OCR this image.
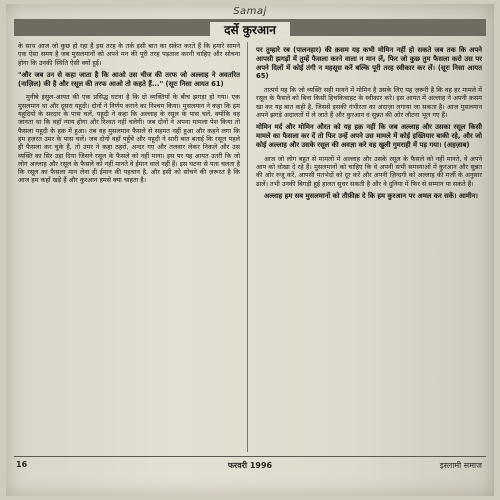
Samaj
दर्से कुरआन

के साथ आज जो कुछ हो रहा है इस तरह के तर्क इसी बात का संकेत करते हैं कि हमारे सामने एक ऐसा समय है जब मुसलमानों को अपने मन की पूरी तरह पड़ताल करनी चाहिए और सोचना होगा कि उनकी स्थिति ऐसी क्यों हुई।

"और जब उन से कहा जाता है कि आओ उस चीज की तरफ जो अल्लाह ने अवतरित (नाज़िल) की है और रसूल की तरफ आओ तो कहते हैं..." (सूरः निसा आयत 61)

मुनीबे इंसुल-आयत की एक प्रसिद्ध घटना है कि दो व्यक्तियों के बीच झगड़ा हो गया। एक मुसलमान था और दूसरा यहूदी। दोनों ने निर्णय कराने का निश्चय किया। मुसलमान ने कहा कि हम यहूदियों के सरदार के पास चलें, यहूदी ने कहा कि अल्लाह के रसूल के पास चलें, क्योंकि वह जानता था कि वहाँ न्याय होगा और रिश्वत नहीं चलेगी। जब दोनों ने अपना मामला पेश किया तो फैसला यहूदी के हक़ में हुआ। तब वह मुसलमान फैसले से सहमत नहीं हुआ और कहने लगा कि हम हज़रत उमर के पास चलें। जब दोनों वहाँ पहुँचे और यहूदी ने सारी बात बताई कि रसूल पहले ही फैसला कर चुके हैं, तो उमर ने कहा ठहरो, अन्दर गए और तलवार लेकर निकले और उस व्यक्ति का सिर उड़ा दिया जिसने रसूल के फैसले को नहीं माना। इस पर यह आयत उतरी कि जो लोग अल्लाह और रसूल के फैसले को नहीं मानते वे ईमान वाले नहीं हैं। इस घटना से पता चलता है कि रसूल का फैसला मान लेना ही ईमान की पहचान है, और इसी को सोचने की ज़रूरत है कि आज हम कहाँ खड़े हैं और कुरआन हमसे क्या चाहता है।

पर तुम्हारे रब (पालनहार) की क़सम यह कभी मोमिन नहीं हो सकते जब तक कि अपने आपसी झगड़ों में तुम्हें फैसला करने वाला न मान लें, फिर जो कुछ तुम फैसला करो उस पर अपने दिलों में कोई तंगी न महसूस करें बल्कि पूरी तरह स्वीकार कर लें। (सूरः निसा आयत 65)

तात्पर्य यह कि जो व्यक्ति सही मायने में मोमिन है उसके लिए यह ज़रूरी है कि वह हर मामले में रसूल के फैसले को बिना किसी हिचकिचाहट के स्वीकार करे। इस आयत में अल्लाह ने अपनी क़सम खा कर यह बात कही है, जिससे इसकी गंभीरता का अंदाज़ा लगाया जा सकता है। आज मुसलमान अपने झगड़े अदालतों में ले जाते हैं और कुरआन व सुन्नत की ओर लौटना भूल गए हैं।

मोमिन मर्द और मोमिन औरत को यह हक़ नहीं कि जब अल्लाह और उसका रसूल किसी मामले का फैसला कर दें तो फिर उन्हें अपने उस मामले में कोई इख्तियार बाकी रहे, और जो कोई अल्लाह और उसके रसूल की अवज्ञा करे वह खुली गुमराही में पड़ गया। (अहज़ाब)

आज जो लोग बहुत से मामलों में अल्लाह और उसके रसूल के फैसले को नहीं मानते, वे अपने आप को धोखा दे रहे हैं। मुसलमानों को चाहिए कि वे अपनी सभी समस्याओं में कुरआन और सुन्नत की ओर रुजू करें, आपसी मतभेदों को दूर करें और अपनी ज़िन्दगी को अल्लाह की मर्जी के अनुसार ढालें। तभी उनकी बिगड़ी हुई हालत सुधर सकती है और वे दुनिया में फिर से सम्मान पा सकते हैं।

अल्लाह हम सब मुसलमानों को तौफ़ीक़ दे कि हम कुरआन पर अमल कर सकें। आमीन।

16	फरवरी 1996	इस्लामी समाज
